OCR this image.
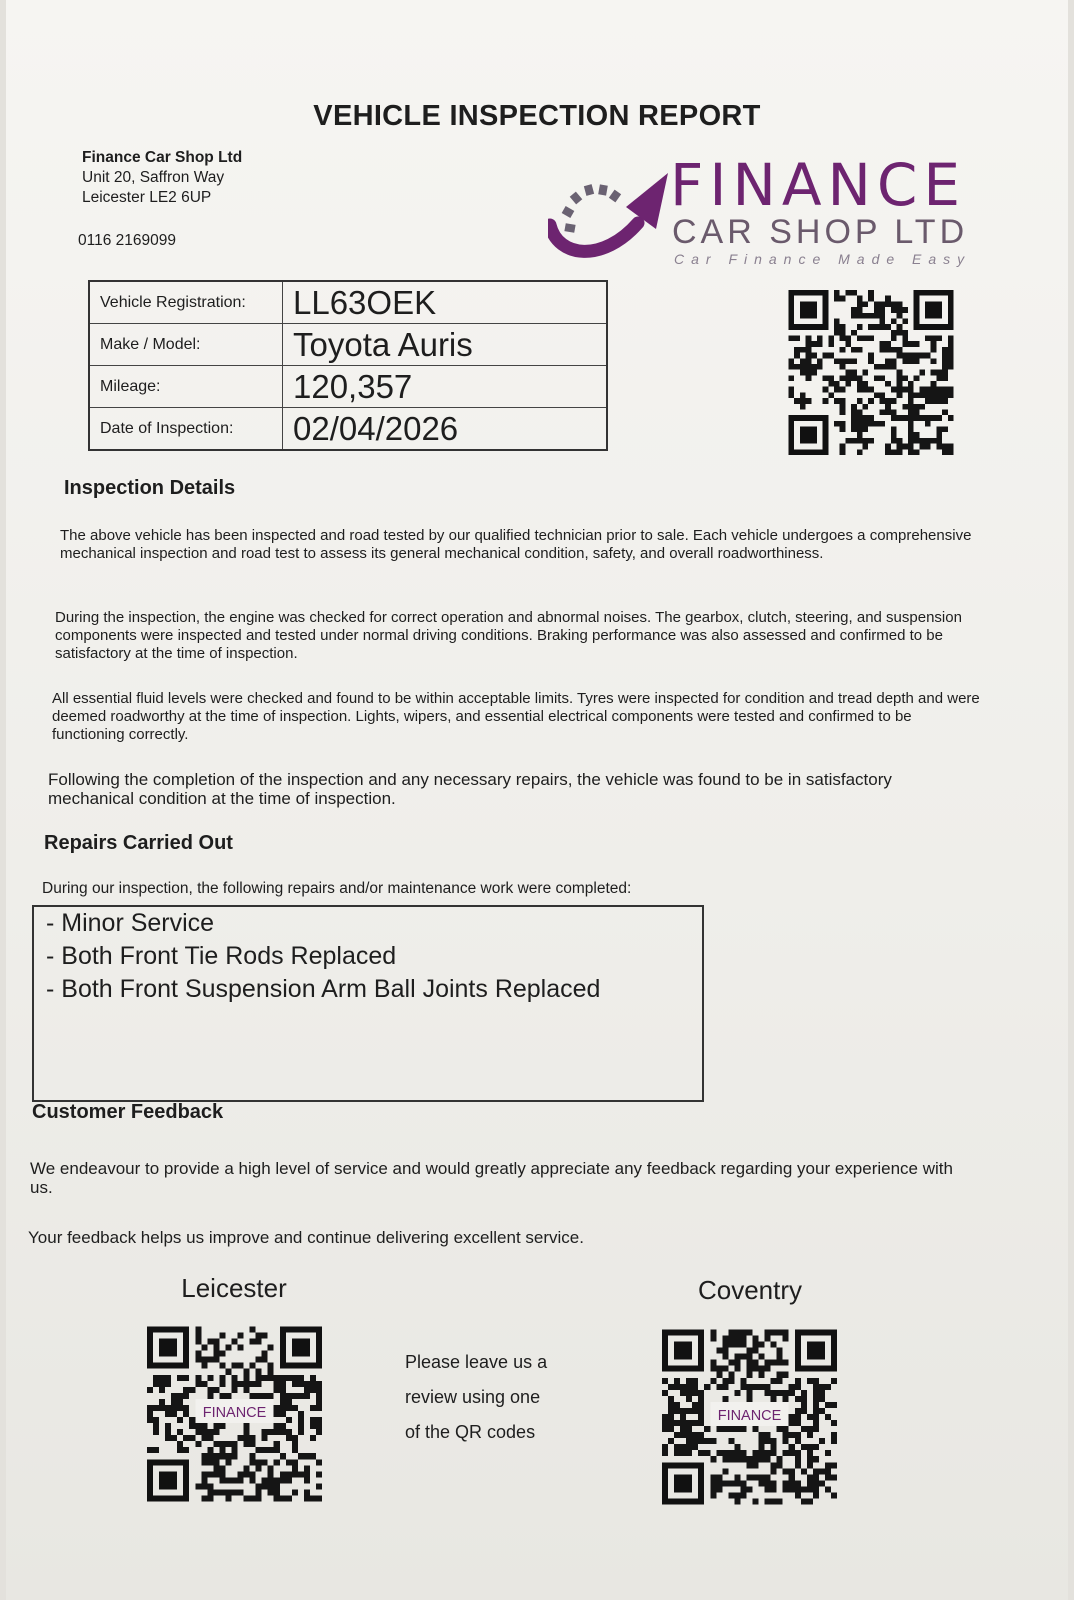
VEHICLE INSPECTION REPORT
Finance Car Shop Ltd
Unit 20, Saffron Way
Leicester LE2 6UP
0116 2169099
FINANCE
CAR SHOP LTD
Car Finance Made Easy
Vehicle Registration:	LL63OEK
Make / Model:	Toyota Auris
Mileage:	120,357
Date of Inspection:	02/04/2026
Inspection Details
The above vehicle has been inspected and road tested by our qualified technician prior to sale. Each vehicle undergoes a comprehensive mechanical inspection and road test to assess its general mechanical condition, safety, and overall roadworthiness.
During the inspection, the engine was checked for correct operation and abnormal noises. The gearbox, clutch, steering, and suspension components were inspected and tested under normal driving conditions. Braking performance was also assessed and confirmed to be satisfactory at the time of inspection.
All essential fluid levels were checked and found to be within acceptable limits. Tyres were inspected for condition and tread depth and were deemed roadworthy at the time of inspection. Lights, wipers, and essential electrical components were tested and confirmed to be functioning correctly.
Following the completion of the inspection and any necessary repairs, the vehicle was found to be in satisfactory mechanical condition at the time of inspection.
Repairs Carried Out
During our inspection, the following repairs and/or maintenance work were completed:
- Minor Service
- Both Front Tie Rods Replaced
- Both Front Suspension Arm Ball Joints Replaced
Customer Feedback
We endeavour to provide a high level of service and would greatly appreciate any feedback regarding your experience with us.
Your feedback helps us improve and continue delivering excellent service.
Leicester	Coventry
FINANCE	FINANCE
Please leave us a
review using one
of the QR codes
